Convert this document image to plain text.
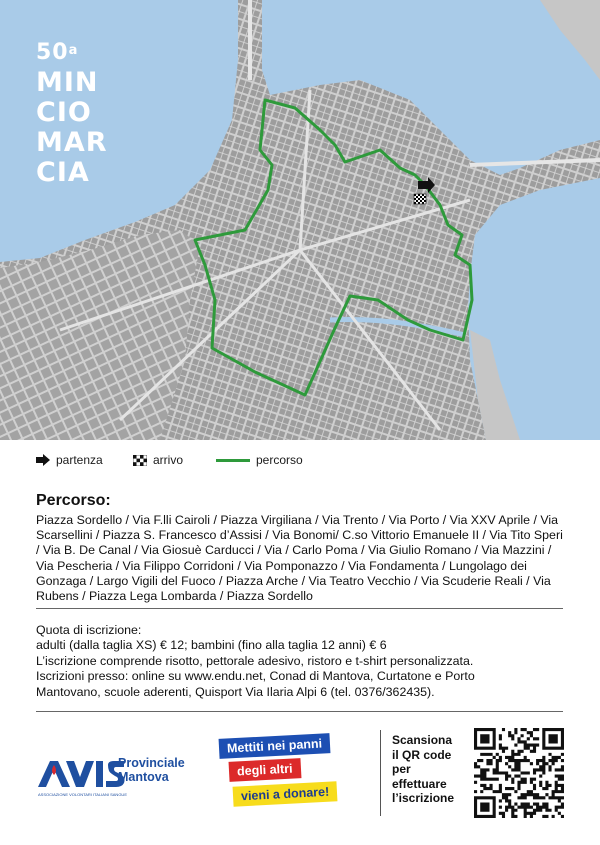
50$^a$
MIN
CIO
MAR
CIA
partenza	arrivo	percorso
Percorso:
Piazza Sordello / Via F.lli Cairoli / Piazza Virgiliana / Via Trento / Via Porto / Via XXV Aprile / Via Scarsellini / Piazza S. Francesco d’Assisi / Via Bonomi/ C.so Vittorio Emanuele II / Via Tito Speri / Via B. De Canal / Via Giosuè Carducci / Via / Carlo Poma / Via Giulio Romano / Via Mazzini / Via Pescheria / Via Filippo Corridoni / Via Pomponazzo / Via Fondamenta / Lungolago dei Gonzaga / Largo Vigili del Fuoco / Piazza Arche / Via Teatro Vecchio / Via Scuderie Reali / Via Rubens / Piazza Lega Lombarda / Piazza Sordello
Quota di iscrizione:
adulti (dalla taglia XS) € 12; bambini (fino alla taglia 12 anni) € 6
L’iscrizione comprende risotto, pettorale adesivo, ristoro e t-shirt personalizzata.
Iscrizioni presso: online su www.endu.net, Conad di Mantova, Curtatone e Porto
Mantovano, scuole aderenti, Quisport Via Ilaria Alpi 6 (tel. 0376/362435).
ASSOCIAZIONE VOLONTARI ITALIANI SANGUE
Provinciale
Mantova
Mettiti nei panni
degli altri
vieni a donare!
Scansiona
il QR code
per
effettuare
l’iscrizione
